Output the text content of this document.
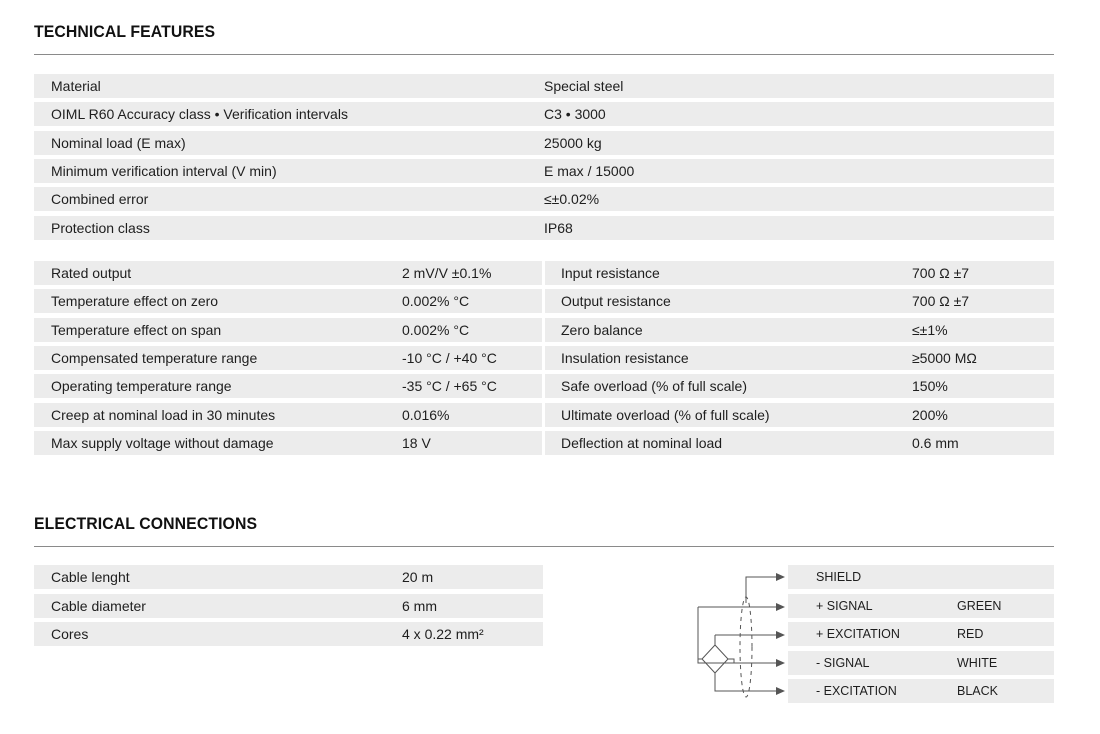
TECHNICAL FEATURES
Material	Special steel
OIML R60 Accuracy class • Verification intervals	C3 • 3000
Nominal load (E max)	25000 kg
Minimum verification interval (V min)	E max / 15000
Combined error	≤±0.02%
Protection class	IP68
Rated output	2 mV/V ±0.1%
Temperature effect on zero	0.002% °C
Temperature effect on span	0.002% °C
Compensated temperature range	-10 °C / +40 °C
Operating temperature range	-35 °C / +65 °C
Creep at nominal load in 30 minutes	0.016%
Max supply voltage without damage	18 V
Input resistance	700 Ω ±7
Output resistance	700 Ω ±7
Zero balance	≤±1%
Insulation resistance	≥5000 MΩ
Safe overload (% of full scale)	150%
Ultimate overload (% of full scale)	200%
Deflection at nominal load	0.6 mm
ELECTRICAL CONNECTIONS
Cable lenght	20 m
Cable diameter	6 mm
Cores	4 x 0.22 mm²
SHIELD
+ SIGNAL	GREEN
+ EXCITATION	RED
- SIGNAL	WHITE
- EXCITATION	BLACK
